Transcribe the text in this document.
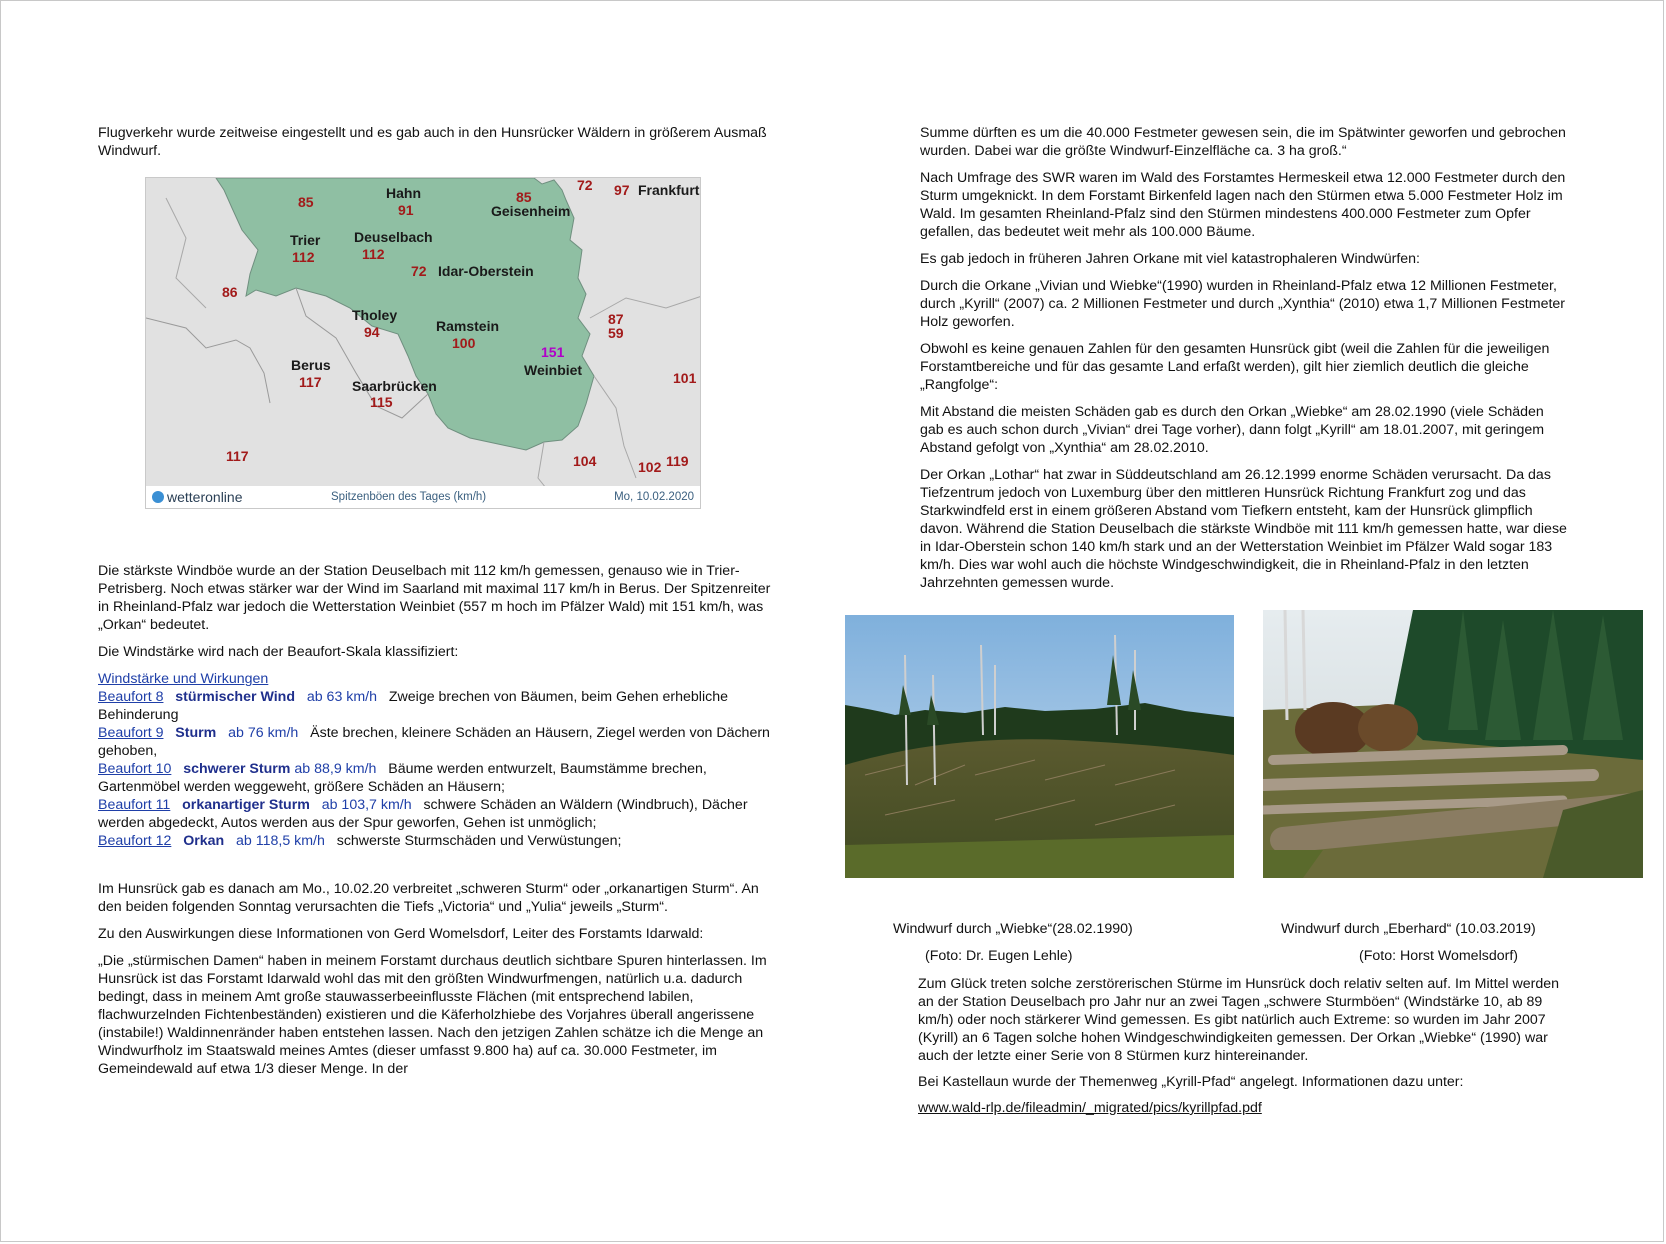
Flugverkehr wurde zeitweise eingestellt und es gab auch in den Hunsrücker Wäldern in größerem Ausmaß Windwurf.

85
Hahn
91
85
Geisenheim
72 97 Frankfurt
Trier
112
Deuselbach
112
72 Idar-Oberstein
86
Tholey
94	Ramstein
100
87
59
151
Weinbiet	101
Berus
117 Saarbrücken
115
117	104	102 119
wetteronline	Spitzenböen des Tages (km/h)	Mo, 10.02.2020

Die stärkste Windböe wurde an der Station Deuselbach mit 112 km/h gemessen, genauso wie in Trier-Petrisberg. Noch etwas stärker war der Wind im Saarland mit maximal 117 km/h in Berus. Der Spitzenreiter in Rheinland-Pfalz war jedoch die Wetterstation Weinbiet (557 m hoch im Pfälzer Wald) mit 151 km/h, was „Orkan“ bedeutet.

Die Windstärke wird nach der Beaufort-Skala klassifiziert:

Windstärke und Wirkungen
Beaufort 8 stürmischer Wind ab 63 km/h Zweige brechen von Bäumen, beim Gehen erhebliche Behinderung
Beaufort 9 Sturm ab 76 km/h Äste brechen, kleinere Schäden an Häusern, Ziegel werden von Dächern gehoben,
Beaufort 10 schwerer Sturm ab 88,9 km/h Bäume werden entwurzelt, Baumstämme brechen, Gartenmöbel werden weggeweht, größere Schäden an Häusern;
Beaufort 11 orkanartiger Sturm ab 103,7 km/h schwere Schäden an Wäldern (Windbruch), Dächer werden abgedeckt, Autos werden aus der Spur geworfen, Gehen ist unmöglich;
Beaufort 12 Orkan ab 118,5 km/h schwerste Sturmschäden und Verwüstungen;

Im Hunsrück gab es danach am Mo., 10.02.20 verbreitet „schweren Sturm“ oder „orkanartigen Sturm“. An den beiden folgenden Sonntag verursachten die Tiefs „Victoria“ und „Yulia“ jeweils „Sturm“.

Zu den Auswirkungen diese Informationen von Gerd Womelsdorf, Leiter des Forstamts Idarwald:

„Die „stürmischen Damen“ haben in meinem Forstamt durchaus deutlich sichtbare Spuren hinterlassen. Im Hunsrück ist das Forstamt Idarwald wohl das mit den größten Windwurfmengen, natürlich u.a. dadurch bedingt, dass in meinem Amt große stauwasserbeeinflusste Flächen (mit entsprechend labilen, flachwurzelnden Fichtenbeständen) existieren und die Käferholzhiebe des Vorjahres überall angerissene (instabile!) Waldinnenränder haben entstehen lassen. Nach den jetzigen Zahlen schätze ich die Menge an Windwurfholz im Staatswald meines Amtes (dieser umfasst 9.800 ha) auf ca. 30.000 Festmeter, im Gemeindewald auf etwa 1/3 dieser Menge. In der

Summe dürften es um die 40.000 Festmeter gewesen sein, die im Spätwinter geworfen und gebrochen wurden. Dabei war die größte Windwurf-Einzelfläche ca. 3 ha groß.“

Nach Umfrage des SWR waren im Wald des Forstamtes Hermeskeil etwa 12.000 Festmeter durch den Sturm umgeknickt. In dem Forstamt Birkenfeld lagen nach den Stürmen etwa 5.000 Festmeter Holz im Wald. Im gesamten Rheinland-Pfalz sind den Stürmen mindestens 400.000 Festmeter zum Opfer gefallen, das bedeutet weit mehr als 100.000 Bäume.

Es gab jedoch in früheren Jahren Orkane mit viel katastrophaleren Windwürfen:

Durch die Orkane „Vivian und Wiebke“(1990) wurden in Rheinland-Pfalz etwa 12 Millionen Festmeter, durch „Kyrill“ (2007) ca. 2 Millionen Festmeter und durch „Xynthia“ (2010) etwa 1,7 Millionen Festmeter Holz geworfen.

Obwohl es keine genauen Zahlen für den gesamten Hunsrück gibt (weil die Zahlen für die jeweiligen Forstamtbereiche und für das gesamte Land erfaßt werden), gilt hier ziemlich deutlich die gleiche „Rangfolge“:

Mit Abstand die meisten Schäden gab es durch den Orkan „Wiebke“ am 28.02.1990 (viele Schäden gab es auch schon durch „Vivian“ drei Tage vorher), dann folgt „Kyrill“ am 18.01.2007, mit geringem Abstand gefolgt von „Xynthia“ am 28.02.2010.

Der Orkan „Lothar“ hat zwar in Süddeutschland am 26.12.1999 enorme Schäden verursacht. Da das Tiefzentrum jedoch von Luxemburg über den mittleren Hunsrück Richtung Frankfurt zog und das Starkwindfeld erst in einem größeren Abstand vom Tiefkern entsteht, kam der Hunsrück glimpflich davon. Während die Station Deuselbach die stärkste Windböe mit 111 km/h gemessen hatte, war diese in Idar-Oberstein schon 140 km/h stark und an der Wetterstation Weinbiet im Pfälzer Wald sogar 183 km/h. Dies war wohl auch die höchste Windgeschwindigkeit, die in Rheinland-Pfalz in den letzten Jahrzehnten gemessen wurde.

Windwurf durch „Wiebke“(28.02.1990)
(Foto: Dr. Eugen Lehle)
Windwurf durch „Eberhard“ (10.03.2019)
(Foto: Horst Womelsdorf)

Zum Glück treten solche zerstörerischen Stürme im Hunsrück doch relativ selten auf. Im Mittel werden an der Station Deuselbach pro Jahr nur an zwei Tagen „schwere Sturmböen“ (Windstärke 10, ab 89 km/h) oder noch stärkerer Wind gemessen. Es gibt natürlich auch Extreme: so wurden im Jahr 2007 (Kyrill) an 6 Tagen solche hohen Windgeschwindigkeiten gemessen. Der Orkan „Wiebke“ (1990) war auch der letzte einer Serie von 8 Stürmen kurz hintereinander.

Bei Kastellaun wurde der Themenweg „Kyrill-Pfad“ angelegt. Informationen dazu unter:

www.wald-rlp.de/fileadmin/_migrated/pics/kyrillpfad.pdf
